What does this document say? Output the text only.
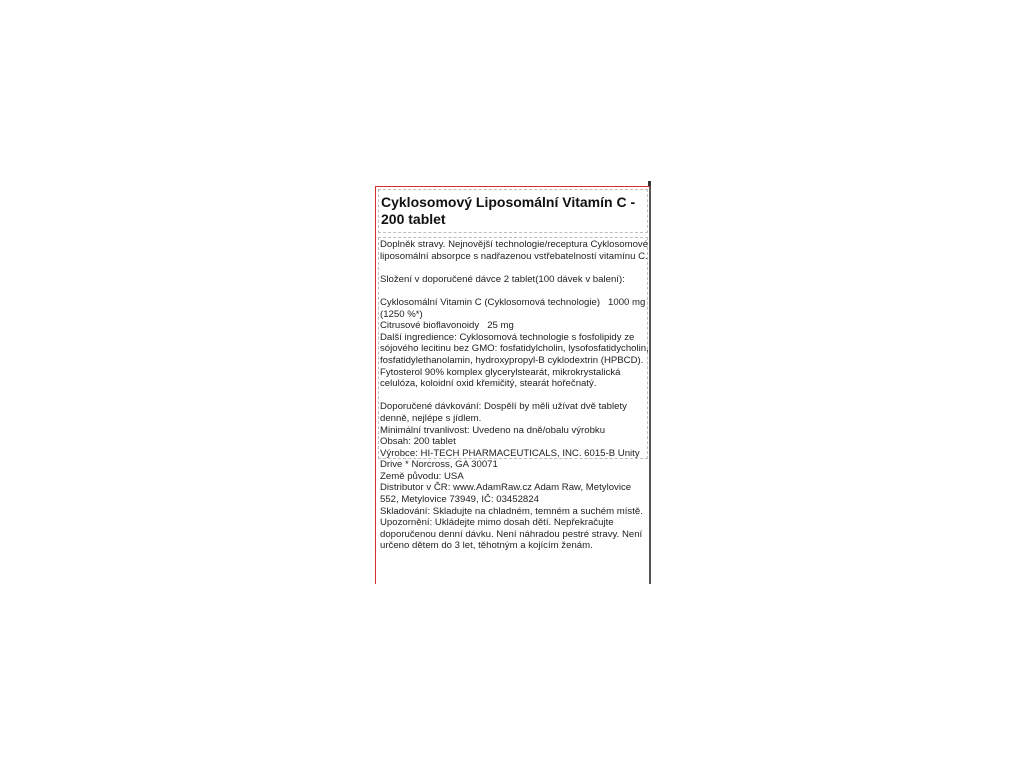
Cyklosomový Liposomální Vitamín C - 200 tablet

Doplněk stravy. Nejnovější technologie/receptura Cyklosomové liposomální absorpce s nadřazenou vstřebatelností vitamínu C.

Složení v doporučené dávce 2 tablet(100 dávek v balení):

Cyklosomální Vitamin C (Cyklosomová technologie) 1000 mg (1250 %*)

Citrusové bioflavonoidy 25 mg

Další ingredience: Cyklosomová technologie s fosfolipidy ze sójového lecitinu bez GMO: fosfatidylcholin, lysofosfatidycholin, fosfatidylethanolamin, hydroxypropyl-B cyklodextrin (HPBCD). Fytosterol 90% komplex glycerylstearát, mikrokrystalická celulóza, koloidní oxid křemičitý, stearát hořečnatý.

Doporučené dávkování: Dospělí by měli užívat dvě tablety denně, nejlépe s jídlem.

Minimální trvanlivost: Uvedeno na dně/obalu výrobku

Obsah: 200 tablet

Výrobce: HI-TECH PHARMACEUTICALS, INC. 6015-B Unity Drive * Norcross, GA 30071

Země původu: USA

Distributor v ČR: www.AdamRaw.cz Adam Raw, Metylovice 552, Metylovice 73949, IČ: 03452824

Skladování: Skladujte na chladném, temném a suchém místě.

Upozornění: Ukládejte mimo dosah dětí. Nepřekračujte doporučenou denní dávku. Není náhradou pestré stravy. Není určeno dětem do 3 let, těhotným a kojícím ženám.
